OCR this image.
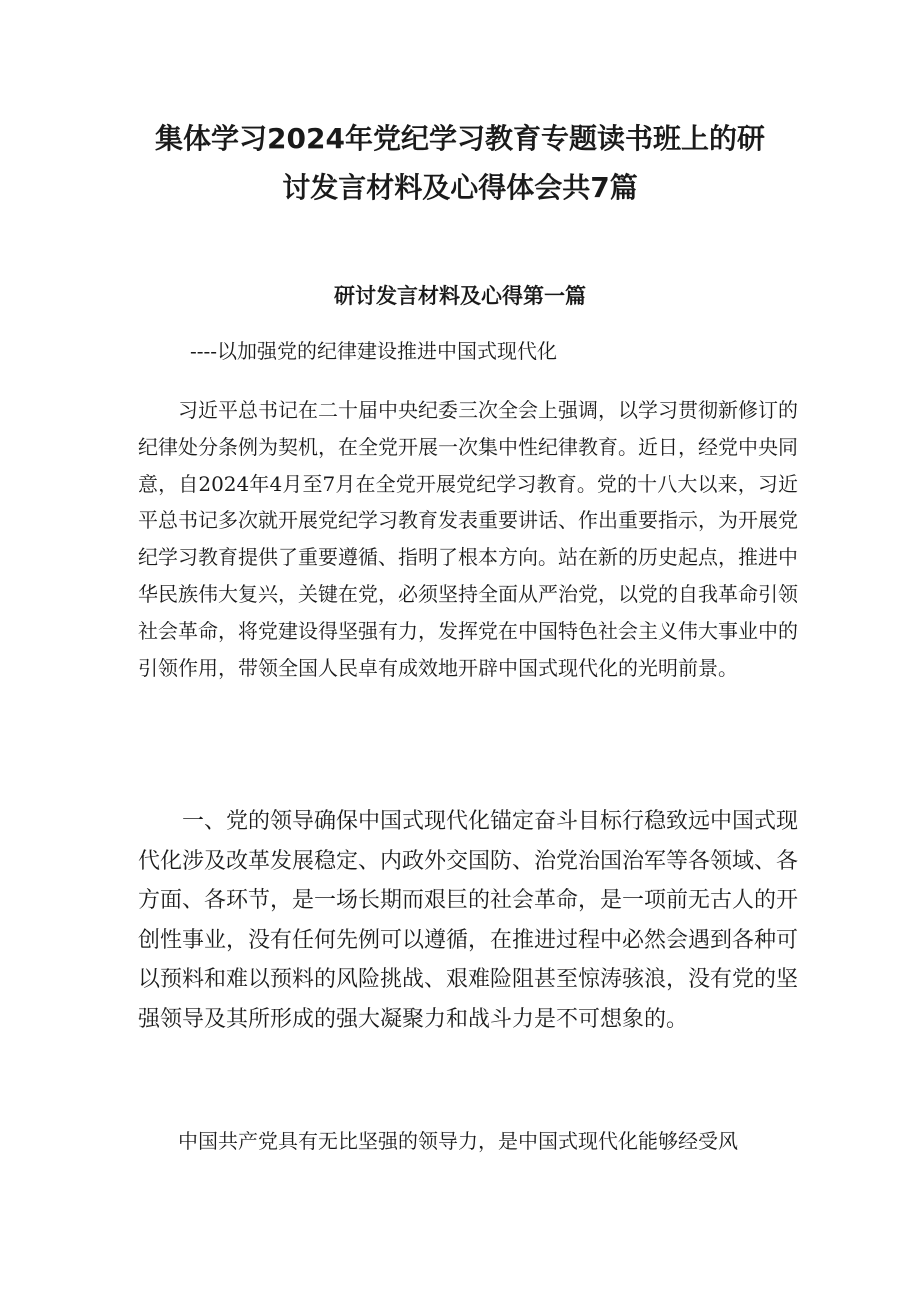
集体学习2024年党纪学习教育专题读书班上的研
讨发言材料及心得体会共7篇
研讨发言材料及心得第一篇

----以加强党的纪律建设推进中国式现代化

习近平总书记在二十届中央纪委三次全会上强调，以学习贯彻新修订的纪律处分条例为契机，在全党开展一次集中性纪律教育。近日，经党中央同意，自2024年4月至7月在全党开展党纪学习教育。党的十八大以来，习近平总书记多次就开展党纪学习教育发表重要讲话、作出重要指示，为开展党纪学习教育提供了重要遵循、指明了根本方向。站在新的历史起点，推进中华民族伟大复兴，关键在党，必须坚持全面从严治党，以党的自我革命引领社会革命，将党建设得坚强有力，发挥党在中国特色社会主义伟大事业中的引领作用，带领全国人民卓有成效地开辟中国式现代化的光明前景。

一、党的领导确保中国式现代化锚定奋斗目标行稳致远中国式现代化涉及改革发展稳定、内政外交国防、治党治国治军等各领域、各方面、各环节，是一场长期而艰巨的社会革命，是一项前无古人的开创性事业，没有任何先例可以遵循，在推进过程中必然会遇到各种可以预料和难以预料的风险挑战、艰难险阻甚至惊涛骇浪，没有党的坚强领导及其所形成的强大凝聚力和战斗力是不可想象的。

中国共产党具有无比坚强的领导力，是中国式现代化能够经受风
